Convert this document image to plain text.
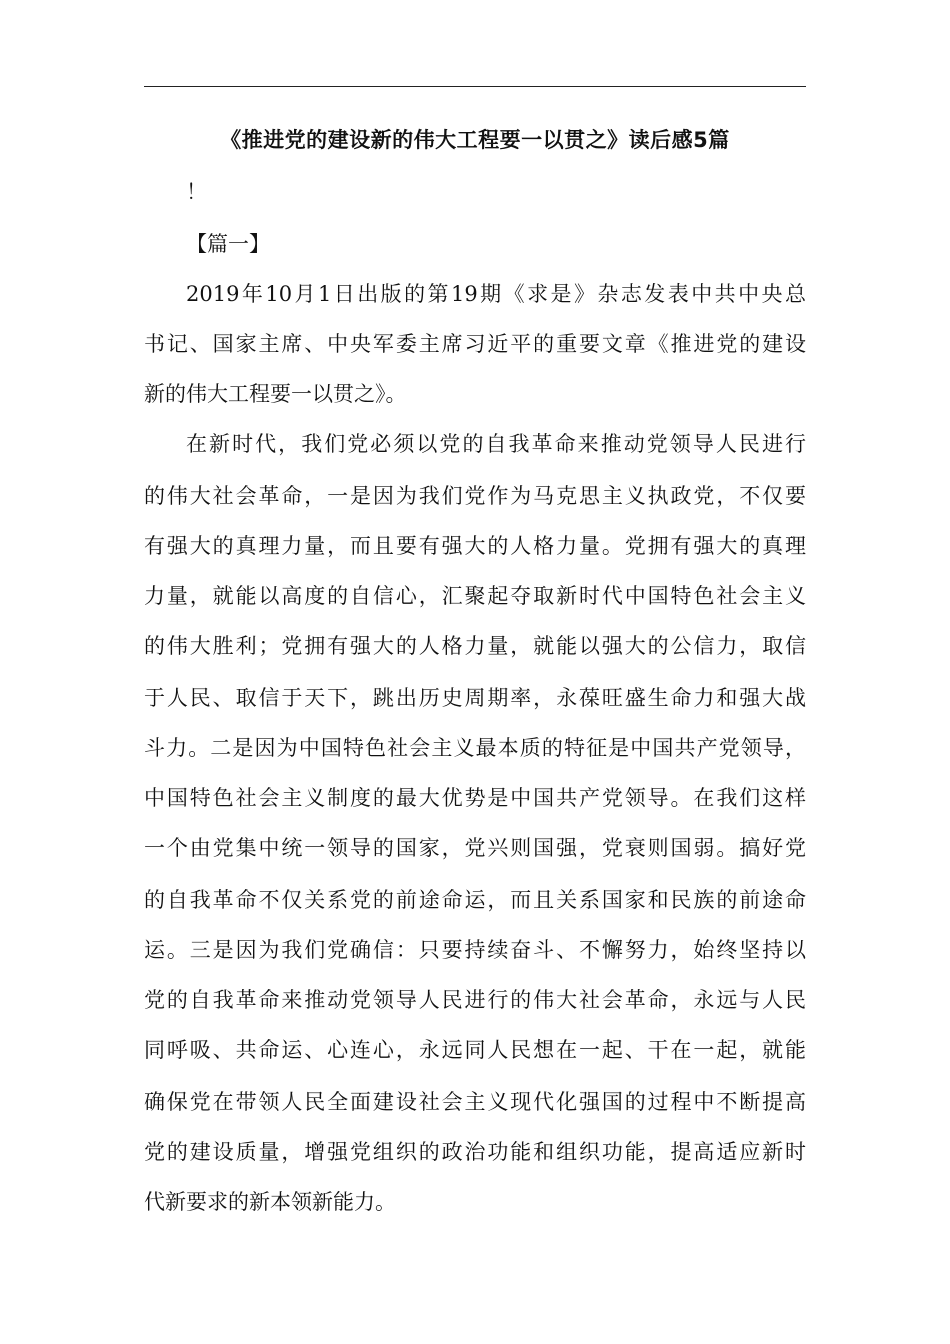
《推进党的建设新的伟大工程要一以贯之》读后感5篇

！

【篇一】

2019年10月1日出版的第19期《求是》杂志发表中共中央总

书记、国家主席、中央军委主席习近平的重要文章《推进党的建设

新的伟大工程要一以贯之》。

在新时代，我们党必须以党的自我革命来推动党领导人民进行

的伟大社会革命，一是因为我们党作为马克思主义执政党，不仅要

有强大的真理力量，而且要有强大的人格力量。党拥有强大的真理

力量，就能以高度的自信心，汇聚起夺取新时代中国特色社会主义

的伟大胜利；党拥有强大的人格力量，就能以强大的公信力，取信

于人民、取信于天下，跳出历史周期率，永葆旺盛生命力和强大战

斗力。二是因为中国特色社会主义最本质的特征是中国共产党领导，

中国特色社会主义制度的最大优势是中国共产党领导。在我们这样

一个由党集中统一领导的国家，党兴则国强，党衰则国弱。搞好党

的自我革命不仅关系党的前途命运，而且关系国家和民族的前途命

运。三是因为我们党确信：只要持续奋斗、不懈努力，始终坚持以

党的自我革命来推动党领导人民进行的伟大社会革命，永远与人民

同呼吸、共命运、心连心，永远同人民想在一起、干在一起，就能

确保党在带领人民全面建设社会主义现代化强国的过程中不断提高

党的建设质量，增强党组织的政治功能和组织功能，提高适应新时

代新要求的新本领新能力。
